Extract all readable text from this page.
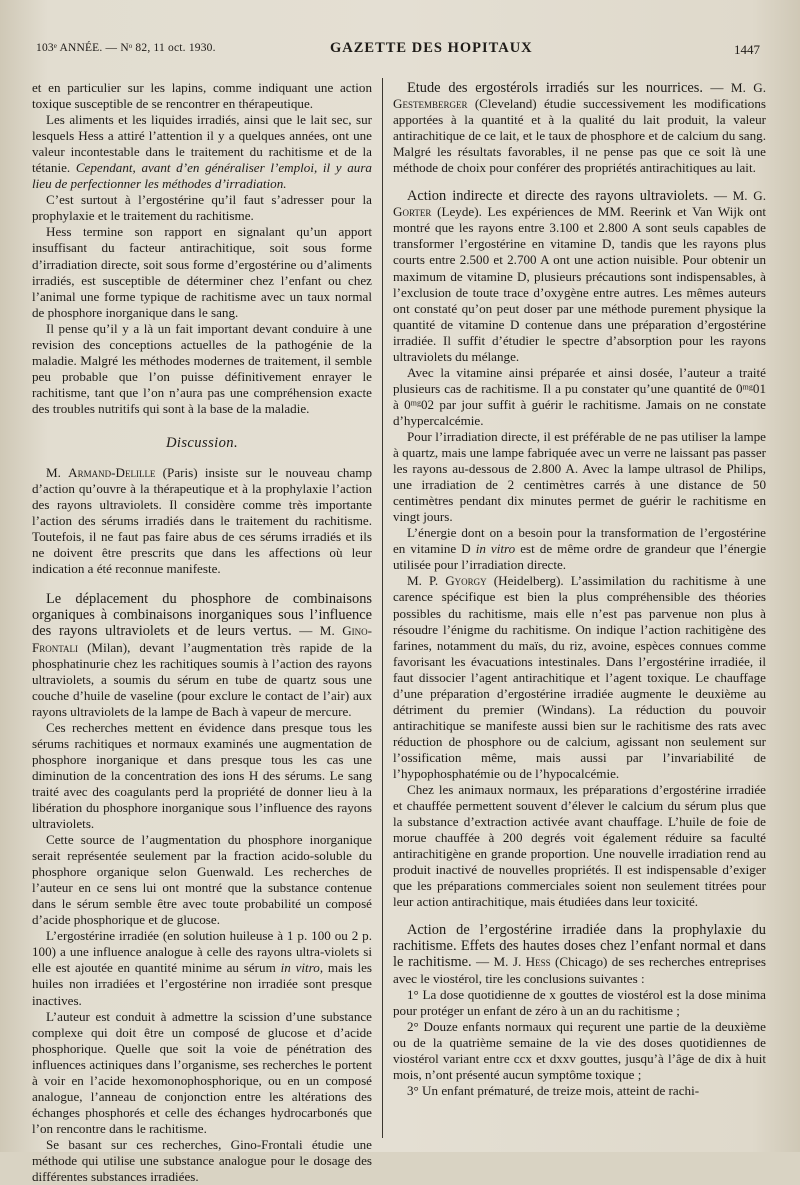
103ᵉ ANNÉE. — Nᵒ 82, 11 oct. 1930.	GAZETTE DES HOPITAUX	1447

et en particulier sur les lapins, comme indiquant une action toxique susceptible de se rencontrer en thérapeutique.

Les aliments et les liquides irradiés, ainsi que le lait sec, sur lesquels Hess a attiré l’attention il y a quelques années, ont une valeur incontestable dans le traitement du rachitisme et de la tétanie. Cependant, avant d’en généraliser l’emploi, il y aura lieu de perfectionner les méthodes d’irradiation.

C’est surtout à l’ergostérine qu’il faut s’adresser pour la prophylaxie et le traitement du rachitisme.

Hess termine son rapport en signalant qu’un apport insuffisant du facteur antirachitique, soit sous forme d’irradiation directe, soit sous forme d’ergostérine ou d’aliments irradiés, est susceptible de déterminer chez l’enfant ou chez l’animal une forme typique de rachitisme avec un taux normal de phosphore inorganique dans le sang.

Il pense qu’il y a là un fait important devant conduire à une revision des conceptions actuelles de la pathogénie de la maladie. Malgré les méthodes modernes de traitement, il semble peu probable que l’on puisse définitivement enrayer le rachitisme, tant que l’on n’aura pas une compréhension exacte des troubles nutritifs qui sont à la base de la maladie.

Discussion.

M. Armand-Delille (Paris) insiste sur le nouveau champ d’action qu’ouvre à la thérapeutique et à la prophylaxie l’action des rayons ultraviolets. Il considère comme très importante l’action des sérums irradiés dans le traitement du rachitisme. Toutefois, il ne faut pas faire abus de ces sérums irradiés et ils ne doivent être prescrits que dans les affections où leur indication a été reconnue manifeste.

Le déplacement du phosphore de combinaisons organiques à combinaisons inorganiques sous l’influence des rayons ultraviolets et de leurs vertus. — M. Gino-Frontali (Milan), devant l’augmentation très rapide de la phosphatinurie chez les rachitiques soumis à l’action des rayons ultraviolets, a soumis du sérum en tube de quartz sous une couche d’huile de vaseline (pour exclure le contact de l’air) aux rayons ultraviolets de la lampe de Bach à vapeur de mercure.

Ces recherches mettent en évidence dans presque tous les sérums rachitiques et normaux examinés une augmentation de phosphore inorganique et dans presque tous les cas une diminution de la concentration des ions H des sérums. Le sang traité avec des coagulants perd la propriété de donner lieu à la libération du phosphore inorganique sous l’influence des rayons ultraviolets.

Cette source de l’augmentation du phosphore inorganique serait représentée seulement par la fraction acido-soluble du phosphore organique selon Guenwald. Les recherches de l’auteur en ce sens lui ont montré que la substance contenue dans le sérum semble être avec toute probabilité un composé d’acide phosphorique et de glucose.

L’ergostérine irradiée (en solution huileuse à 1 p. 100 ou 2 p. 100) a une influence analogue à celle des rayons ultra-violets si elle est ajoutée en quantité minime au sérum in vitro, mais les huiles non irradiées et l’ergostérine non irradiée sont presque inactives.

L’auteur est conduit à admettre la scission d’une substance complexe qui doit être un composé de glucose et d’acide phosphorique. Quelle que soit la voie de pénétration des influences actiniques dans l’organisme, ses recherches le portent à voir en l’acide hexomonophosphorique, ou en un composé analogue, l’anneau de conjonction entre les altérations des échanges phosphorés et celle des échanges hydrocarbonés que l’on rencontre dans le rachitisme.

Se basant sur ces recherches, Gino-Frontali étudie une méthode qui utilise une substance analogue pour le dosage des différentes substances irradiées.

Etude des ergostérols irradiés sur les nourrices. — M. G. Gestemberger (Cleveland) étudie successivement les modifications apportées à la quantité et à la qualité du lait produit, la valeur antirachitique de ce lait, et le taux de phosphore et de calcium du sang. Malgré les résultats favorables, il ne pense pas que ce soit là une méthode de choix pour conférer des propriétés antirachitiques au lait.

Action indirecte et directe des rayons ultraviolets. — M. G. Gorter (Leyde). Les expériences de MM. Reerink et Van Wijk ont montré que les rayons entre 3.100 et 2.800 A sont seuls capables de transformer l’ergostérine en vitamine D, tandis que les rayons plus courts entre 2.500 et 2.700 A ont une action nuisible. Pour obtenir un maximum de vitamine D, plusieurs précautions sont indispensables, à l’exclusion de toute trace d’oxygène entre autres. Les mêmes auteurs ont constaté qu’on peut doser par une méthode purement physique la quantité de vitamine D contenue dans une préparation d’ergostérine irradiée. Il suffit d’étudier le spectre d’absorption pour les rayons ultraviolets du mélange.

Avec la vitamine ainsi préparée et ainsi dosée, l’auteur a traité plusieurs cas de rachitisme. Il a pu constater qu’une quantité de 0ᵐᵍ01 à 0ᵐᵍ02 par jour suffit à guérir le rachitisme. Jamais on ne constate d’hypercalcémie.

Pour l’irradiation directe, il est préférable de ne pas utiliser la lampe à quartz, mais une lampe fabriquée avec un verre ne laissant pas passer les rayons au-dessous de 2.800 A. Avec la lampe ultrasol de Philips, une irradiation de 2 centimètres carrés à une distance de 50 centimètres pendant dix minutes permet de guérir le rachitisme en vingt jours.

L’énergie dont on a besoin pour la transformation de l’ergostérine en vitamine D in vitro est de même ordre de grandeur que l’énergie utilisée pour l’irradiation directe.

M. P. Gyorgy (Heidelberg). L’assimilation du rachitisme à une carence spécifique est bien la plus compréhensible des théories possibles du rachitisme, mais elle n’est pas parvenue non plus à résoudre l’énigme du rachitisme. On indique l’action rachitigène des farines, notamment du maïs, du riz, avoine, espèces connues comme favorisant les évacuations intestinales. Dans l’ergostérine irradiée, il faut dissocier l’agent antirachitique et l’agent toxique. Le chauffage d’une préparation d’ergostérine irradiée augmente le deuxième au détriment du premier (Windans). La réduction du pouvoir antirachitique se manifeste aussi bien sur le rachitisme des rats avec réduction de phosphore ou de calcium, agissant non seulement sur l’ossification même, mais aussi par l’invariabilité de l’hypophosphatémie ou de l’hypocalcémie.

Chez les animaux normaux, les préparations d’ergostérine irradiée et chauffée permettent souvent d’élever le calcium du sérum plus que la substance d’extraction activée avant chauffage. L’huile de foie de morue chauffée à 200 degrés voit également réduire sa faculté antirachitigène en grande proportion. Une nouvelle irradiation rend au produit inactivé de nouvelles propriétés. Il est indispensable d’exiger que les préparations commerciales soient non seulement titrées pour leur action antirachitique, mais étudiées dans leur toxicité.

Action de l’ergostérine irradiée dans la prophylaxie du rachitisme. Effets des hautes doses chez l’enfant normal et dans le rachitisme. — M. J. Hess (Chicago) de ses recherches entreprises avec le viostérol, tire les conclusions suivantes :

1° La dose quotidienne de x gouttes de viostérol est la dose minima pour protéger un enfant de zéro à un an du rachitisme ;

2° Douze enfants normaux qui reçurent une partie de la deuxième ou de la quatrième semaine de la vie des doses quotidiennes de viostérol variant entre ccx et dxxv gouttes, jusqu’à l’âge de dix à huit mois, n’ont présenté aucun symptôme toxique ;

3° Un enfant prématuré, de treize mois, atteint de rachi-
